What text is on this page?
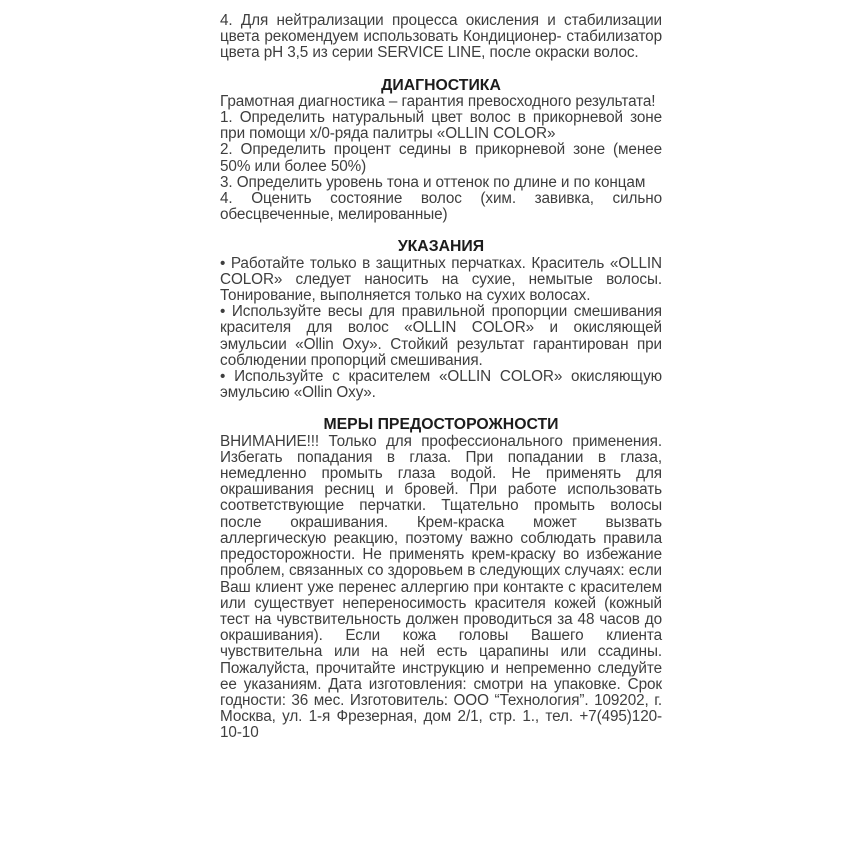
4. Для нейтрализации процесса окисления и стабилизации цвета рекомендуем использовать Кондиционер- стабилизатор цвета pH 3,5 из серии SERVICE LINE, после окраски волос.

ДИАГНОСТИКА

Грамотная диагностика – гарантия превосходного результата!

1. Определить натуральный цвет волос в прикорневой зоне при помощи х/0-ряда палитры «OLLIN COLOR»

2. Определить процент седины в прикорневой зоне (менее 50% или более 50%)

3. Определить уровень тона и оттенок по длине и по концам

4. Оценить состояние волос (хим. завивка, сильно обесцвеченные, мелированные)

УКАЗАНИЯ

• Работайте только в защитных перчатках. Краситель «OLLIN COLOR» следует наносить на сухие, немытые волосы. Тонирование, выполняется только на сухих волосах.

• Используйте весы для правильной пропорции смешивания красителя для волос «OLLIN COLOR» и окисляющей эмульсии «Ollin Oxy». Стойкий результат гарантирован при соблюдении пропорций смешивания.

• Используйте с красителем «OLLIN COLOR» окисляющую эмульсию «Ollin Oxy».

МЕРЫ ПРЕДОСТОРОЖНОСТИ

ВНИМАНИЕ!!! Только для профессионального применения. Избегать попадания в глаза. При попадании в глаза, немедленно промыть глаза водой. Не применять для окрашивания ресниц и бровей. При работе использовать соответствующие перчатки. Тщательно промыть волосы после окрашивания. Крем-краска может вызвать аллергическую реакцию, поэтому важно соблюдать правила предосторожности. Не применять крем-краску во избежание проблем, связанных со здоровьем в следующих случаях: если Ваш клиент уже перенес аллергию при контакте с красителем или существует непереносимость красителя кожей (кожный тест на чувствительность должен проводиться за 48 часов до окрашивания). Если кожа головы Вашего клиента чувствительна или на ней есть царапины или ссадины. Пожалуйста, прочитайте инструкцию и непременно следуйте ее указаниям. Дата изготовления: смотри на упаковке. Срок годности: 36 мес. Изготовитель: ООО “Технология”. 109202, г. Москва, ул. 1-я Фрезерная, дом 2/1, стр. 1., тел. +7(495)120-10-10
